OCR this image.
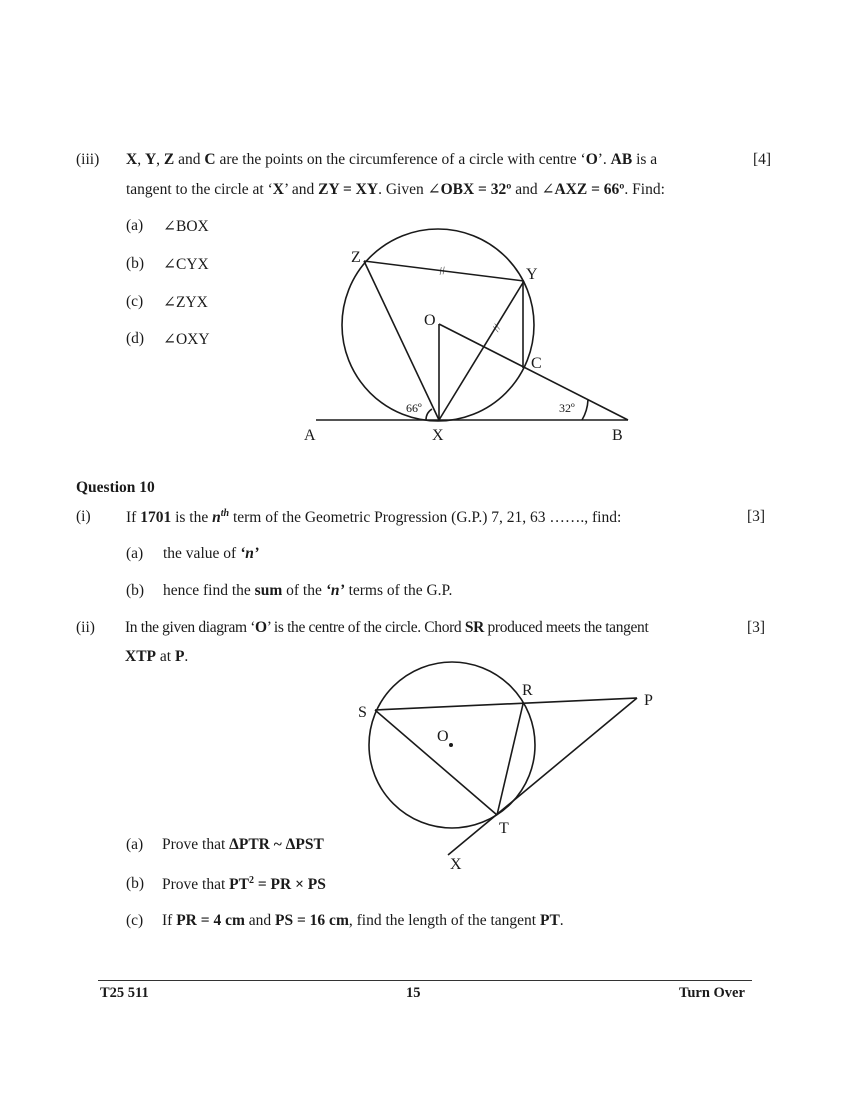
(iii)	[4]
X, Y, Z and C are the points on the circumference of a circle with centre ‘O’. AB is a
tangent to the circle at ‘X’ and ZY = XY. Given ∠OBX = 32º and ∠AXZ = 66º. Find:
(a) ∠BOX
(b) ∠CYX
(c) ∠ZYX
(d) ∠OXY
Z
Y
O
C
A	X	B
66º	32º
//
//
Question 10
(i)	[3]
If 1701 is the $n^{th}$ term of the Geometric Progression (G.P.) 7, 21, 63 ……., find:
(a) the value of ‘n’
(b) hence find the sum of the ‘n’ terms of the G.P.
(ii)	[3]
In the given diagram ‘O’ is the centre of the circle. Chord SR produced meets the tangent
XTP at P.
S
R
P
O
T
X
(a) Prove that ΔPTR ~ ΔPST
(b) Prove that $PT^2$ = PR × PS
(c) If PR = 4 cm and PS = 16 cm, find the length of the tangent PT.
T25 511	15	Turn Over
